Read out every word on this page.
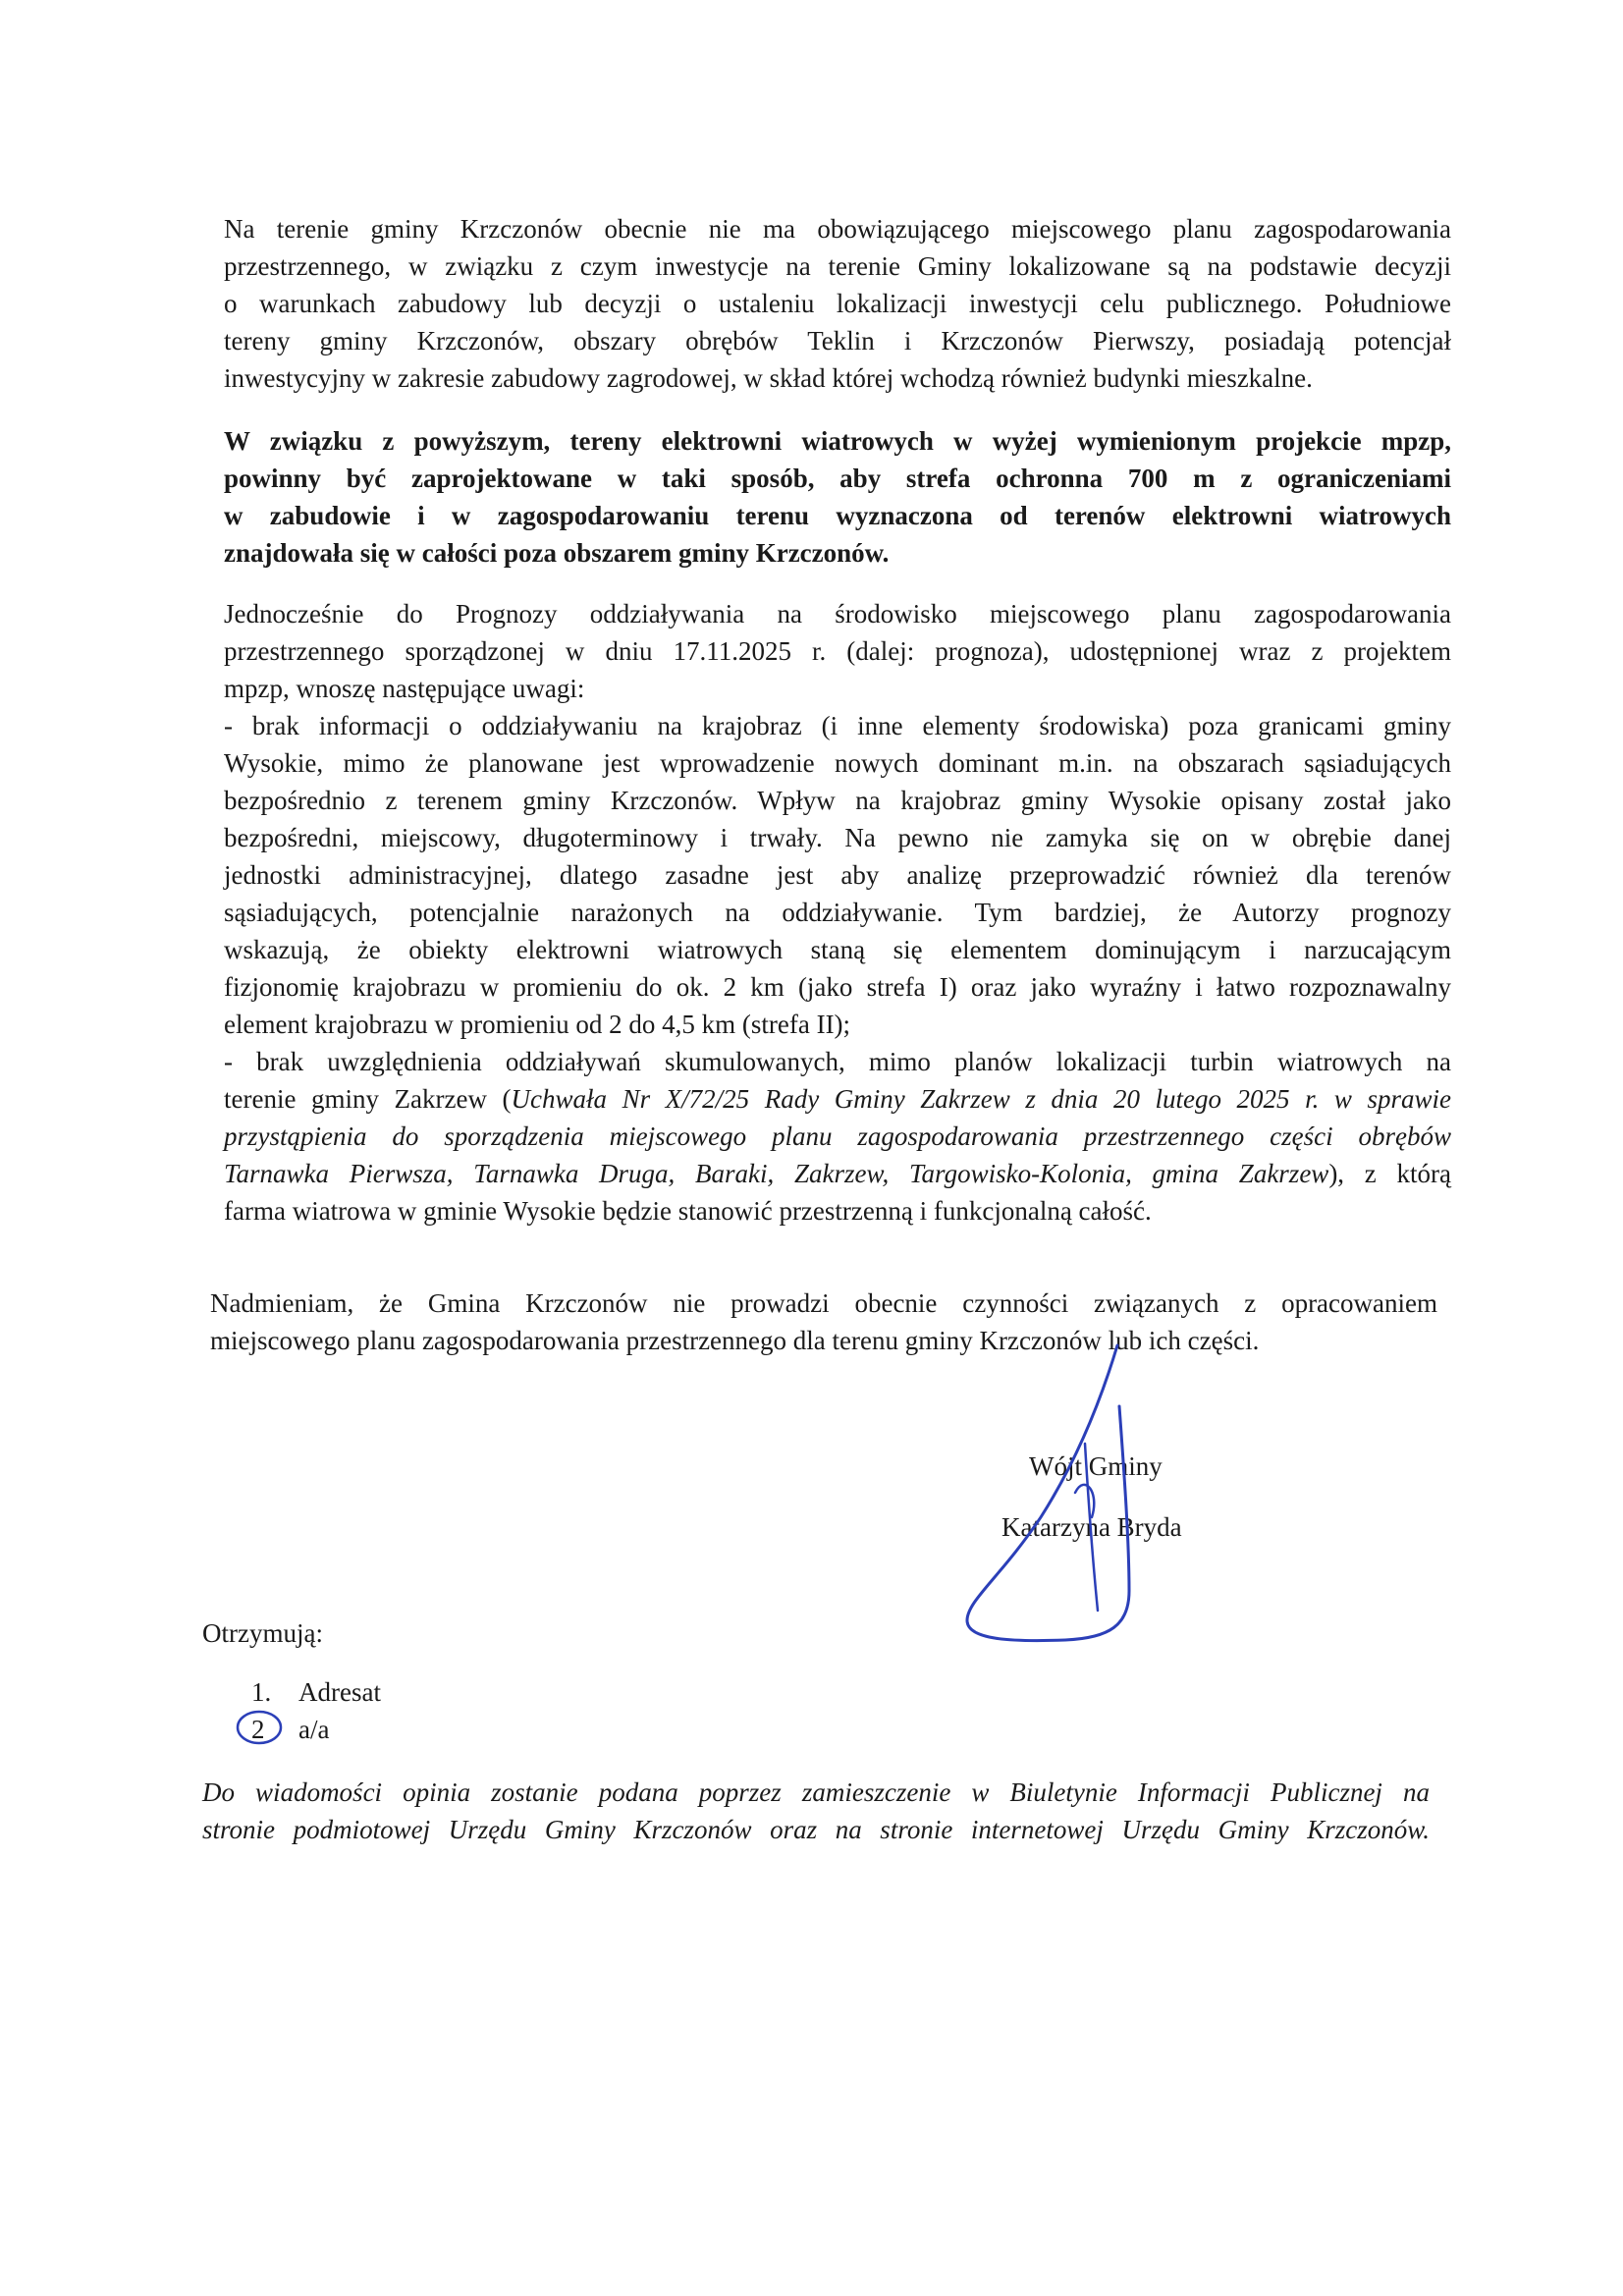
Na terenie gminy Krzczonów obecnie nie ma obowiązującego miejscowego planu zagospodarowania
przestrzennego, w związku z czym inwestycje na terenie Gminy lokalizowane są na podstawie decyzji
o warunkach zabudowy lub decyzji o ustaleniu lokalizacji inwestycji celu publicznego. Południowe
tereny gminy Krzczonów, obszary obrębów Teklin i Krzczonów Pierwszy, posiadają potencjał
inwestycyjny w zakresie zabudowy zagrodowej, w skład której wchodzą również budynki mieszkalne.
W związku z powyższym, tereny elektrowni wiatrowych w wyżej wymienionym projekcie mpzp,
powinny być zaprojektowane w taki sposób, aby strefa ochronna 700 m z ograniczeniami
w zabudowie i w zagospodarowaniu terenu wyznaczona od terenów elektrowni wiatrowych
znajdowała się w całości poza obszarem gminy Krzczonów.
Jednocześnie do Prognozy oddziaływania na środowisko miejscowego planu zagospodarowania
przestrzennego sporządzonej w dniu 17.11.2025 r. (dalej: prognoza), udostępnionej wraz z projektem
mpzp, wnoszę następujące uwagi:
- brak informacji o oddziaływaniu na krajobraz (i inne elementy środowiska) poza granicami gminy
Wysokie, mimo że planowane jest wprowadzenie nowych dominant m.in. na obszarach sąsiadujących
bezpośrednio z terenem gminy Krzczonów. Wpływ na krajobraz gminy Wysokie opisany został jako
bezpośredni, miejscowy, długoterminowy i trwały. Na pewno nie zamyka się on w obrębie danej
jednostki administracyjnej, dlatego zasadne jest aby analizę przeprowadzić również dla terenów
sąsiadujących, potencjalnie narażonych na oddziaływanie. Tym bardziej, że Autorzy prognozy
wskazują, że obiekty elektrowni wiatrowych staną się elementem dominującym i narzucającym
fizjonomię krajobrazu w promieniu do ok. 2 km (jako strefa I) oraz jako wyraźny i łatwo rozpoznawalny
element krajobrazu w promieniu od 2 do 4,5 km (strefa II);
- brak uwzględnienia oddziaływań skumulowanych, mimo planów lokalizacji turbin wiatrowych na
terenie gminy Zakrzew (Uchwała Nr X/72/25 Rady Gminy Zakrzew z dnia 20 lutego 2025 r. w sprawie
przystąpienia do sporządzenia miejscowego planu zagospodarowania przestrzennego części obrębów
Tarnawka Pierwsza, Tarnawka Druga, Baraki, Zakrzew, Targowisko-Kolonia, gmina Zakrzew), z którą
farma wiatrowa w gminie Wysokie będzie stanowić przestrzenną i funkcjonalną całość.
Nadmieniam, że Gmina Krzczonów nie prowadzi obecnie czynności związanych z opracowaniem
miejscowego planu zagospodarowania przestrzennego dla terenu gminy Krzczonów lub ich części.
Wójt Gminy
Katarzyna Bryda
Otrzymują:
1. Adresat
2 a/a
Do wiadomości opinia zostanie podana poprzez zamieszczenie w Biuletynie Informacji Publicznej na
stronie podmiotowej Urzędu Gminy Krzczonów oraz na stronie internetowej Urzędu Gminy Krzczonów.
